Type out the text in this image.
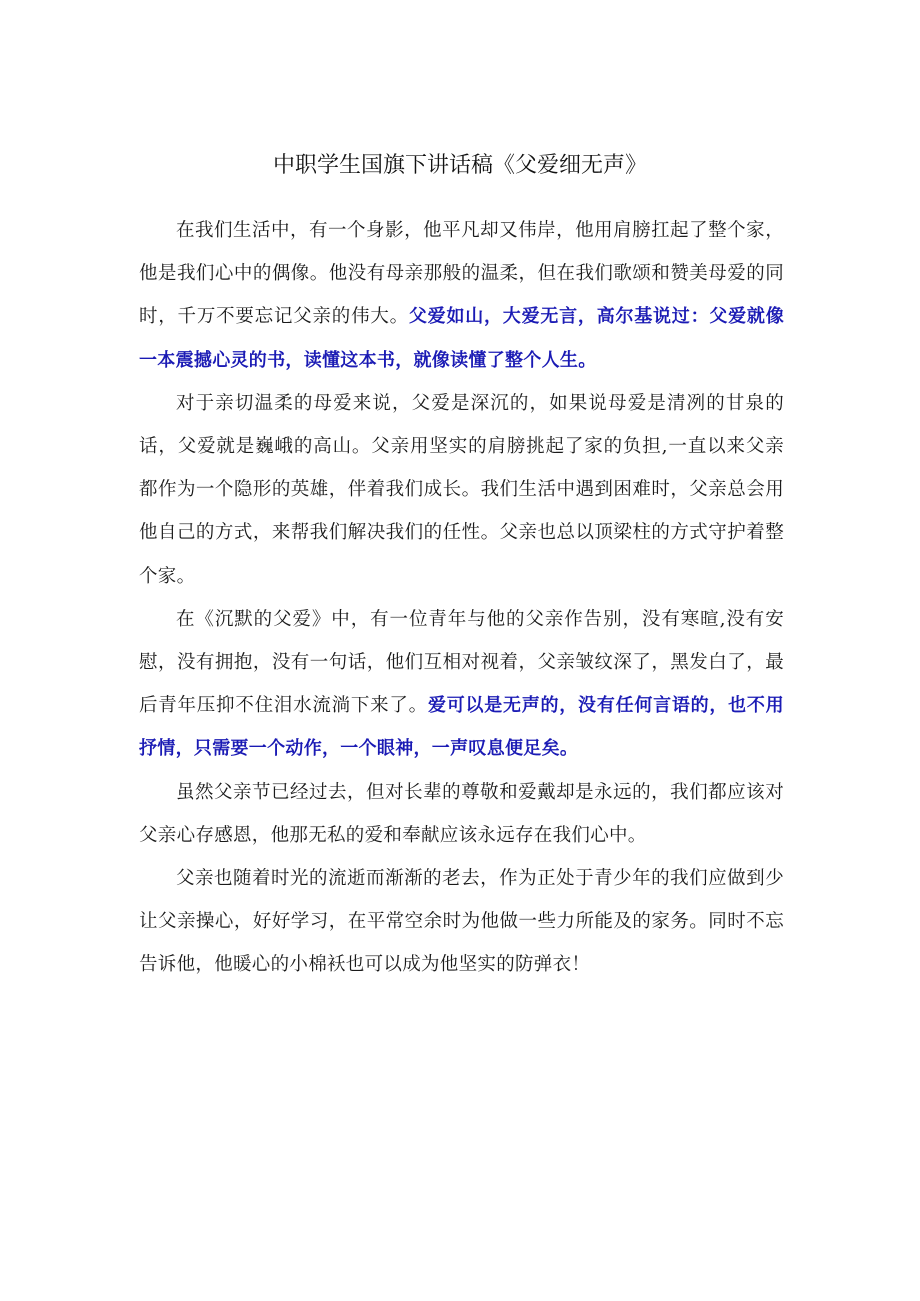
中职学生国旗下讲话稿《父爱细无声》

在我们生活中，有一个身影，他平凡却又伟岸，他用肩膀扛起了整个家，他是我们心中的偶像。他没有母亲那般的温柔，但在我们歌颂和赞美母爱的同时，千万不要忘记父亲的伟大。父爱如山，大爱无言，高尔基说过：父爱就像一本震撼心灵的书，读懂这本书，就像读懂了整个人生。

对于亲切温柔的母爱来说，父爱是深沉的，如果说母爱是清冽的甘泉的话，父爱就是巍峨的高山。父亲用坚实的肩膀挑起了家的负担,一直以来父亲都作为一个隐形的英雄，伴着我们成长。我们生活中遇到困难时，父亲总会用他自己的方式，来帮我们解决我们的任性。父亲也总以顶梁柱的方式守护着整个家。

在《沉默的父爱》中，有一位青年与他的父亲作告别，没有寒暄,没有安慰，没有拥抱，没有一句话，他们互相对视着，父亲皱纹深了，黑发白了，最后青年压抑不住泪水流淌下来了。爱可以是无声的，没有任何言语的，也不用抒情，只需要一个动作，一个眼神，一声叹息便足矣。

虽然父亲节已经过去，但对长辈的尊敬和爱戴却是永远的，我们都应该对父亲心存感恩，他那无私的爱和奉献应该永远存在我们心中。

父亲也随着时光的流逝而渐渐的老去，作为正处于青少年的我们应做到少让父亲操心，好好学习，在平常空余时为他做一些力所能及的家务。同时不忘告诉他，他暖心的小棉袄也可以成为他坚实的防弹衣！
